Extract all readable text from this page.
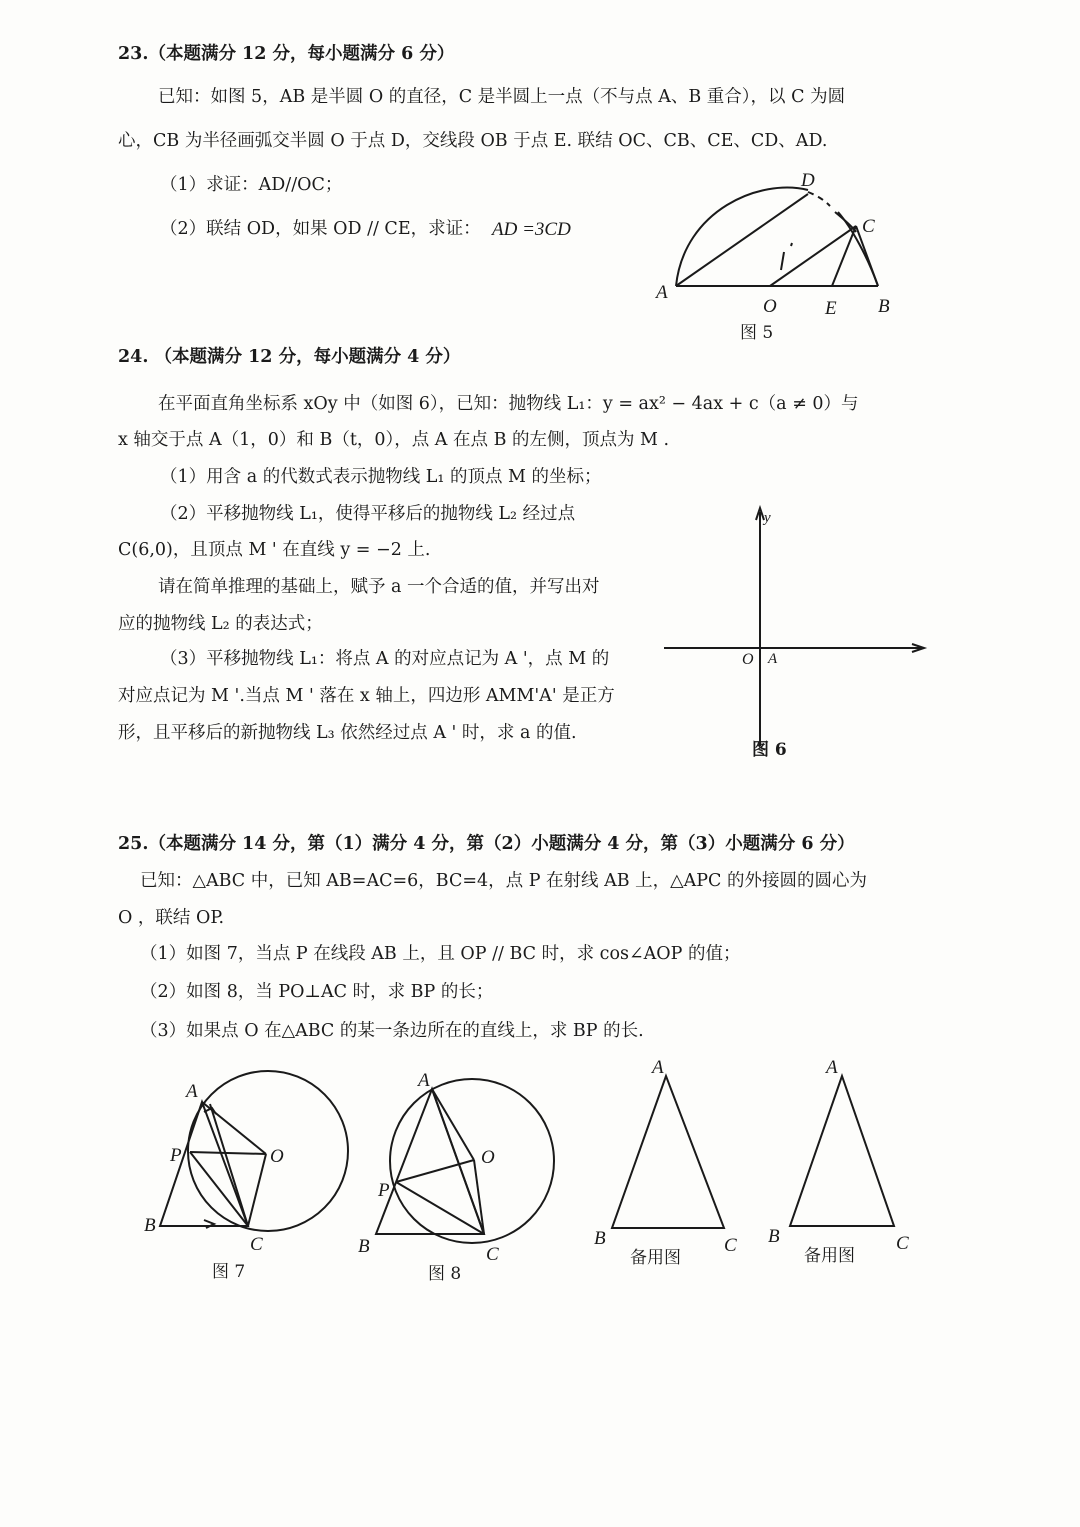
23.（本题满分 12 分，每小题满分 6 分）
已知：如图 5，AB 是半圆 O 的直径，C 是半圆上一点（不与点 A、B 重合），以 C 为圆
心，CB 为半径画弧交半圆 O 于点 D，交线段 OB 于点 E. 联结 OC、CB、CE、CD、AD.
（1）求证：AD//OC；
（2）联结 OD，如果 OD // CE，求证： AD =3CD
D
C
A
O	E B
图 5
24. （本题满分 12 分，每小题满分 4 分）
在平面直角坐标系 xOy 中（如图 6），已知：抛物线 L₁：y = ax² − 4ax + c（a ≠ 0）与
x 轴交于点 A（1，0）和 B（t，0），点 A 在点 B 的左侧，顶点为 M .
（1）用含 a 的代数式表示抛物线 L₁ 的顶点 M 的坐标；
（2）平移抛物线 L₁，使得平移后的抛物线 L₂ 经过点
C(6,0)，且顶点 M ' 在直线 y = −2 上.
请在简单推理的基础上，赋予 a 一个合适的值，并写出对
应的抛物线 L₂ 的表达式；
（3）平移抛物线 L₁：将点 A 的对应点记为 A '，点 M 的
对应点记为 M '.当点 M ' 落在 x 轴上，四边形 AMM'A' 是正方
形，且平移后的新抛物线 L₃ 依然经过点 A ' 时，求 a 的值.
y
O A
图 6
25.（本题满分 14 分，第（1）满分 4 分，第（2）小题满分 4 分，第（3）小题满分 6 分）
已知：△ABC 中，已知 AB=AC=6，BC=4，点 P 在射线 AB 上，△APC 的外接圆的圆心为
O ，联结 OP.
（1）如图 7，当点 P 在线段 AB 上，且 OP // BC 时，求 cos∠AOP 的值；
（2）如图 8，当 PO⊥AC 时，求 BP 的长；
（3）如果点 O 在△ABC 的某一条边所在的直线上，求 BP 的长.
A
P	O
B
C
图 7
A
O
P
B	C
图 8
A
B	C
备用图
A
B	C
备用图
